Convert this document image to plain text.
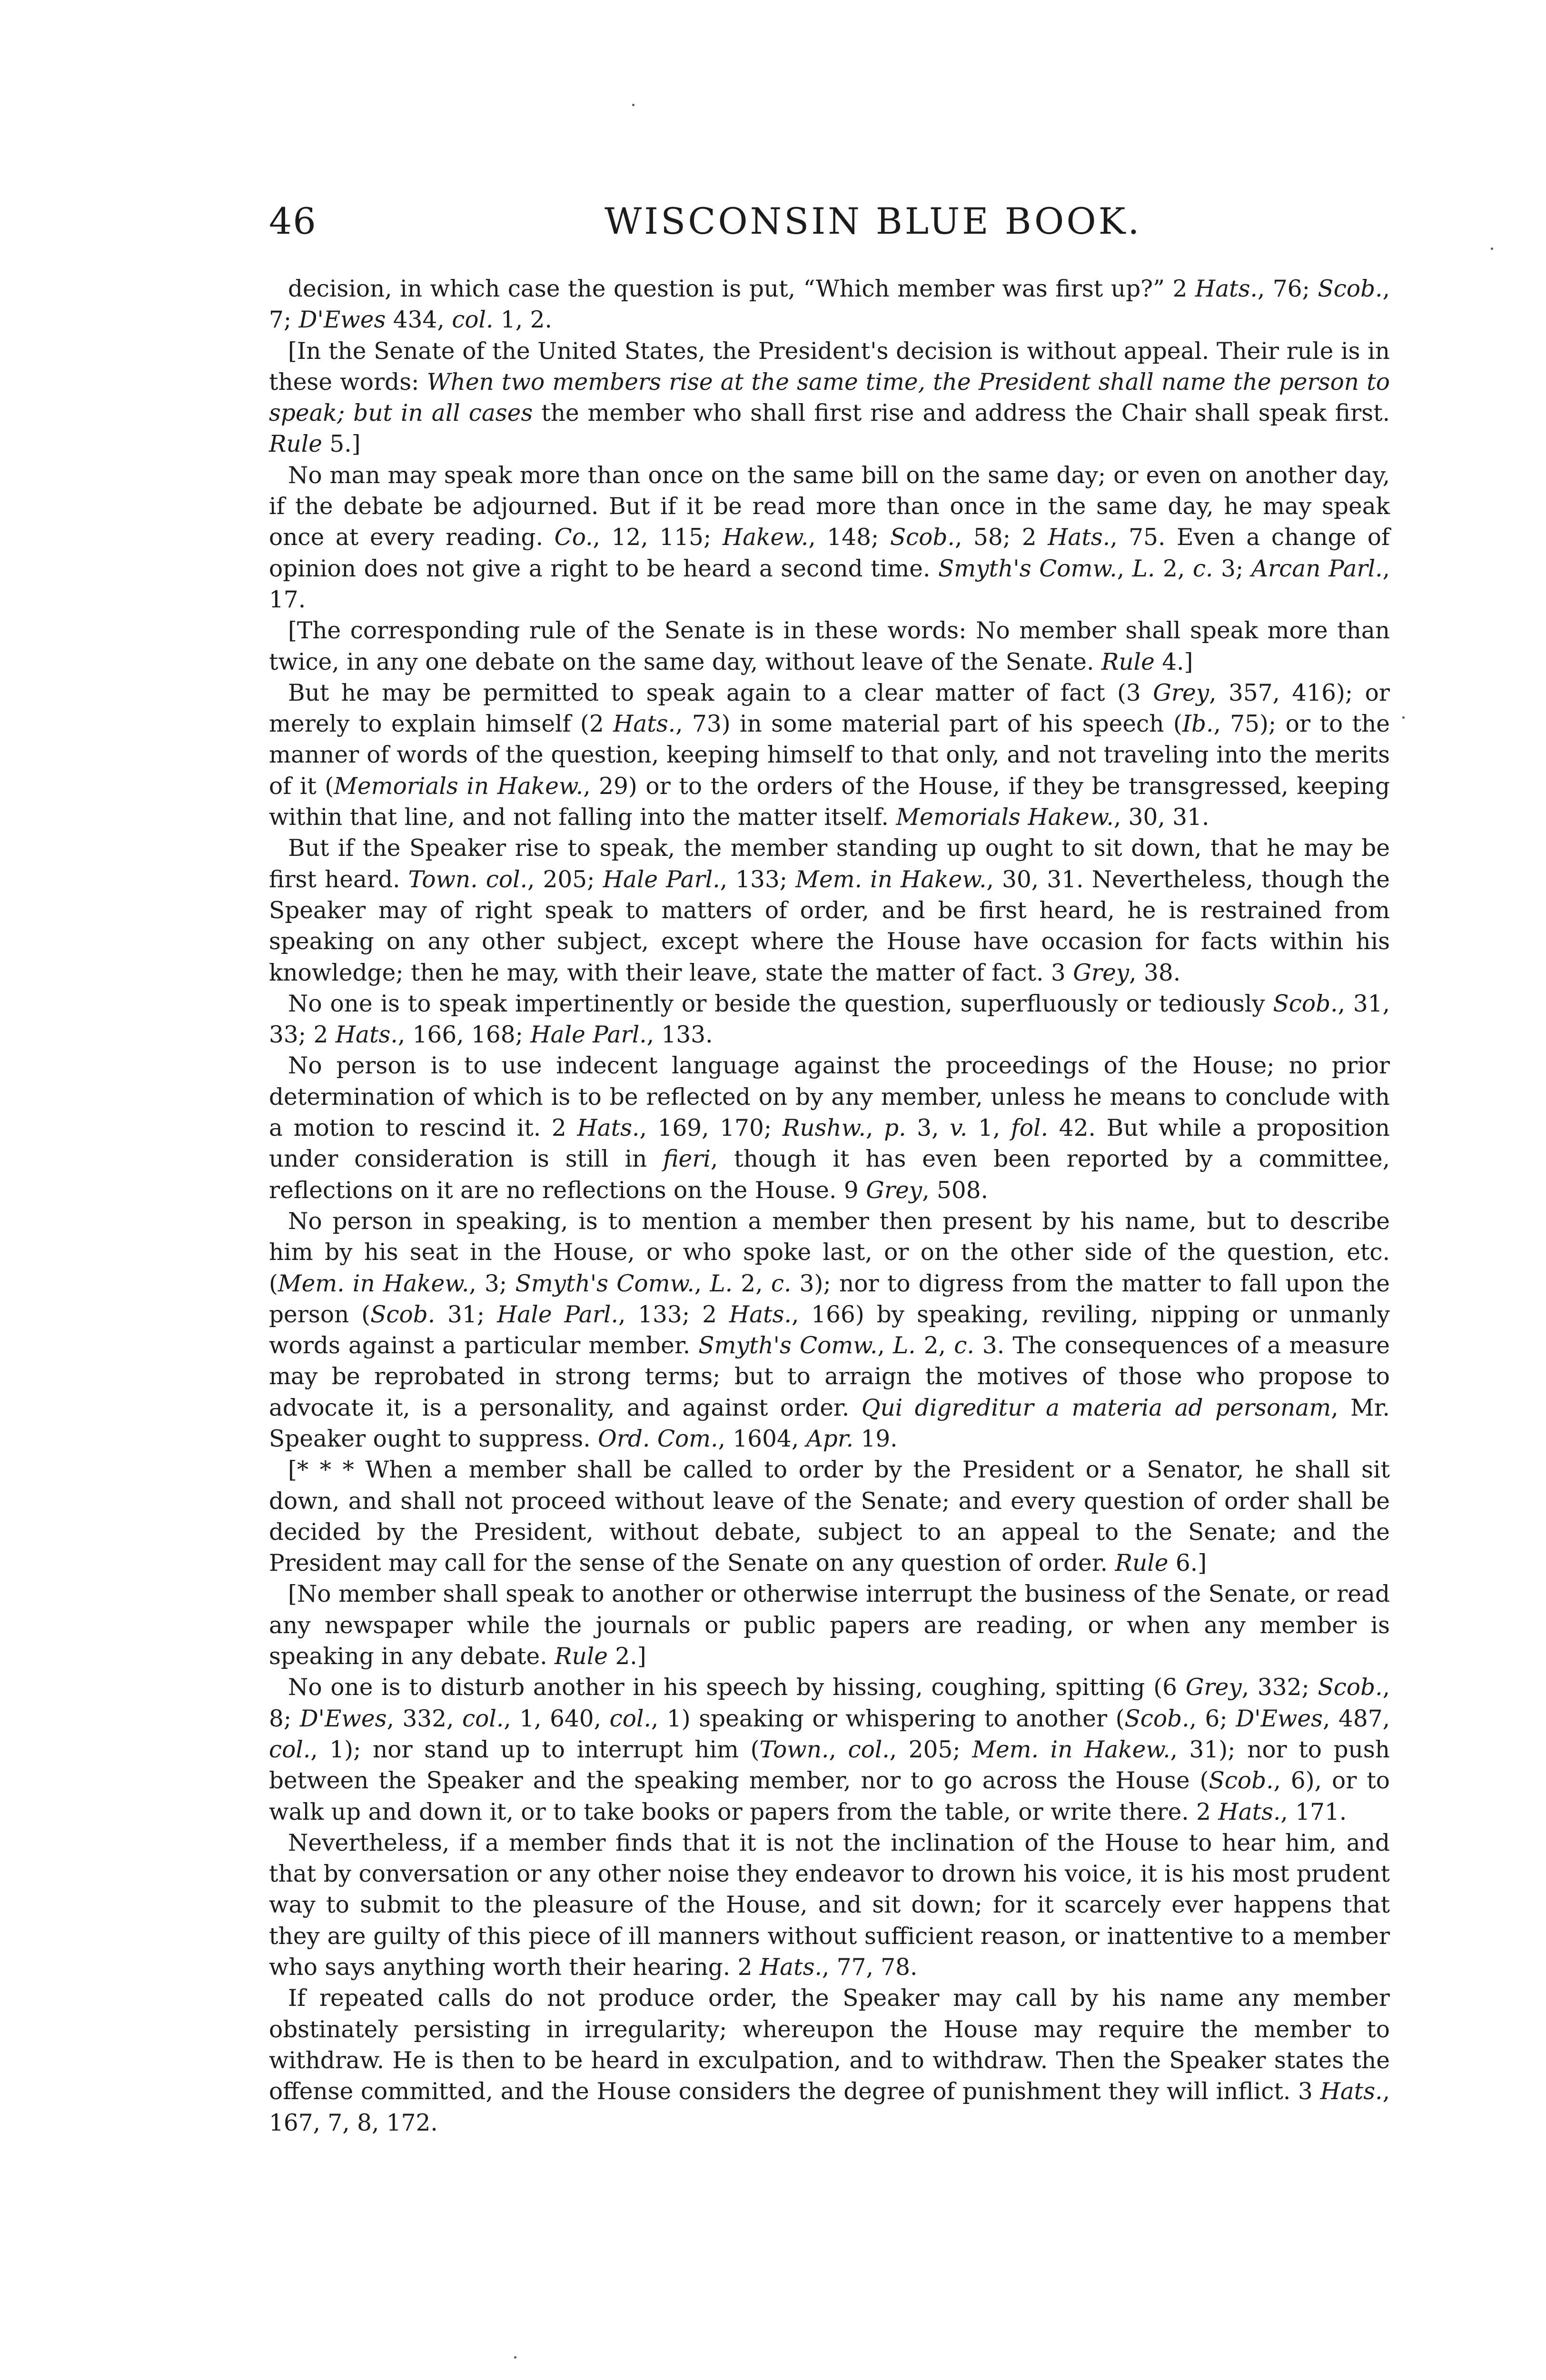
46	WISCONSIN BLUE BOOK.

decision, in which case the question is put, “Which member was first up?” 2 Hats., 76; Scob., 7; D'Ewes 434, col. 1, 2.

[In the Senate of the United States, the President's decision is without appeal. Their rule is in these words: When two members rise at the same time, the President shall name the person to speak; but in all cases the member who shall first rise and address the Chair shall speak first. Rule 5.]

No man may speak more than once on the same bill on the same day; or even on another day, if the debate be adjourned. But if it be read more than once in the same day, he may speak once at every reading. Co., 12, 115; Hakew., 148; Scob., 58; 2 Hats., 75. Even a change of opinion does not give a right to be heard a second time. Smyth's Comw., L. 2, c. 3; Arcan Parl., 17.

[The corresponding rule of the Senate is in these words: No member shall speak more than twice, in any one debate on the same day, without leave of the Senate. Rule 4.]

But he may be permitted to speak again to a clear matter of fact (3 Grey, 357, 416); or merely to explain himself (2 Hats., 73) in some material part of his speech (Ib., 75); or to the manner of words of the question, keeping himself to that only, and not traveling into the merits of it (Memorials in Hakew., 29) or to the orders of the House, if they be transgressed, keeping within that line, and not falling into the matter itself. Memorials Hakew., 30, 31.

But if the Speaker rise to speak, the member standing up ought to sit down, that he may be first heard. Town. col., 205; Hale Parl., 133; Mem. in Hakew., 30, 31. Nevertheless, though the Speaker may of right speak to matters of order, and be first heard, he is restrained from speaking on any other subject, except where the House have occasion for facts within his knowledge; then he may, with their leave, state the matter of fact. 3 Grey, 38.

No one is to speak impertinently or beside the question, superfluously or tediously Scob., 31, 33; 2 Hats., 166, 168; Hale Parl., 133.

No person is to use indecent language against the proceedings of the House; no prior determination of which is to be reflected on by any member, unless he means to conclude with a motion to rescind it. 2 Hats., 169, 170; Rushw., p. 3, v. 1, fol. 42. But while a proposition under consideration is still in fieri, though it has even been reported by a committee, reflections on it are no reflections on the House. 9 Grey, 508.

No person in speaking, is to mention a member then present by his name, but to describe him by his seat in the House, or who spoke last, or on the other side of the question, etc. (Mem. in Hakew., 3; Smyth's Comw., L. 2, c. 3); nor to digress from the matter to fall upon the person (Scob. 31; Hale Parl., 133; 2 Hats., 166) by speaking, reviling, nipping or unmanly words against a particular member. Smyth's Comw., L. 2, c. 3. The consequences of a measure may be reprobated in strong terms; but to arraign the motives of those who propose to advocate it, is a personality, and against order. Qui digreditur a materia ad personam, Mr. Speaker ought to suppress. Ord. Com., 1604, Apr. 19.

[* * * When a member shall be called to order by the President or a Senator, he shall sit down, and shall not proceed without leave of the Senate; and every question of order shall be decided by the President, without debate, subject to an appeal to the Senate; and the President may call for the sense of the Senate on any question of order. Rule 6.]

[No member shall speak to another or otherwise interrupt the business of the Senate, or read any newspaper while the journals or public papers are reading, or when any member is speaking in any debate. Rule 2.]

No one is to disturb another in his speech by hissing, coughing, spitting (6 Grey, 332; Scob., 8; D'Ewes, 332, col., 1, 640, col., 1) speaking or whispering to another (Scob., 6; D'Ewes, 487, col., 1); nor stand up to interrupt him (Town., col., 205; Mem. in Hakew., 31); nor to push between the Speaker and the speaking member, nor to go across the House (Scob., 6), or to walk up and down it, or to take books or papers from the table, or write there. 2 Hats., 171.

Nevertheless, if a member finds that it is not the inclination of the House to hear him, and that by conversation or any other noise they endeavor to drown his voice, it is his most prudent way to submit to the pleasure of the House, and sit down; for it scarcely ever happens that they are guilty of this piece of ill manners without sufficient reason, or inattentive to a member who says anything worth their hearing. 2 Hats., 77, 78.

If repeated calls do not produce order, the Speaker may call by his name any member obstinately persisting in irregularity; whereupon the House may require the member to withdraw. He is then to be heard in exculpation, and to withdraw. Then the Speaker states the offense committed, and the House considers the degree of punishment they will inflict. 3 Hats., 167, 7, 8, 172.
